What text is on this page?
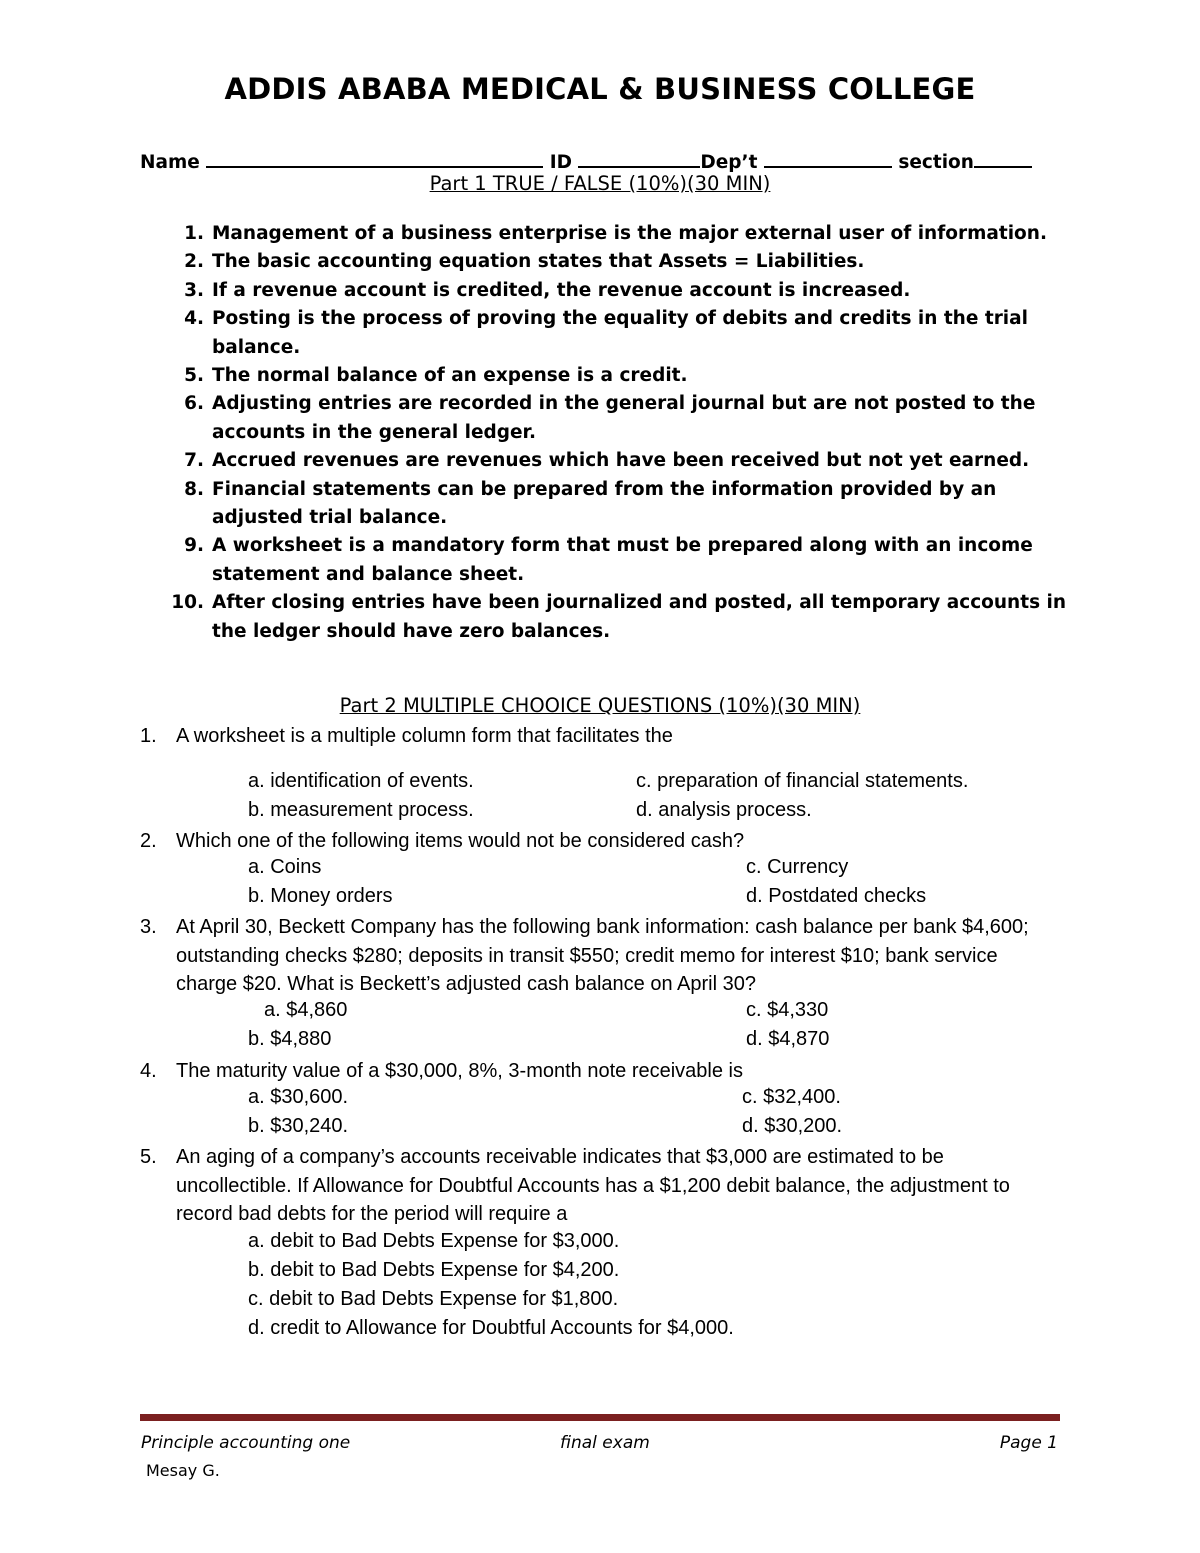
ADDIS ABABA MEDICAL & BUSINESS COLLEGE
Name	ID	Dep’t	section
Part 1 TRUE / FALSE (10%)(30 MIN)
1. Management of a business enterprise is the major external user of information.
2. The basic accounting equation states that Assets = Liabilities.
3. If a revenue account is credited, the revenue account is increased.
4. Posting is the process of proving the equality of debits and credits in the trial balance.
5. The normal balance of an expense is a credit.
6. Adjusting entries are recorded in the general journal but are not posted to the accounts in the general ledger.
7. Accrued revenues are revenues which have been received but not yet earned.
8. Financial statements can be prepared from the information provided by an adjusted trial balance.
9. A worksheet is a mandatory form that must be prepared along with an income statement and balance sheet.
10. After closing entries have been journalized and posted, all temporary accounts in the ledger should have zero balances.
Part 2 MULTIPLE CHOOICE QUESTIONS (10%)(30 MIN)
1. A worksheet is a multiple column form that facilitates the
a. identification of events.	c. preparation of financial statements.
b. measurement process.	d. analysis process.
2. Which one of the following items would not be considered cash?
a. Coins	c. Currency
b. Money orders	d. Postdated checks
3. At April 30, Beckett Company has the following bank information: cash balance per bank $4,600; outstanding checks $280; deposits in transit $550; credit memo for interest $10; bank service charge $20. What is Beckett’s adjusted cash balance on April 30?
a. $4,860	c. $4,330
b. $4,880	d. $4,870
4. The maturity value of a $30,000, 8%, 3-month note receivable is
a. $30,600.	c. $32,400.
b. $30,240.	d. $30,200.
5. An aging of a company’s accounts receivable indicates that $3,000 are estimated to be uncollectible. If Allowance for Doubtful Accounts has a $1,200 debit balance, the adjustment to record bad debts for the period will require a
a. debit to Bad Debts Expense for $3,000.
b. debit to Bad Debts Expense for $4,200.
c. debit to Bad Debts Expense for $1,800.
d. credit to Allowance for Doubtful Accounts for $4,000.
Principle accounting one	final exam	Page 1
Mesay G.
